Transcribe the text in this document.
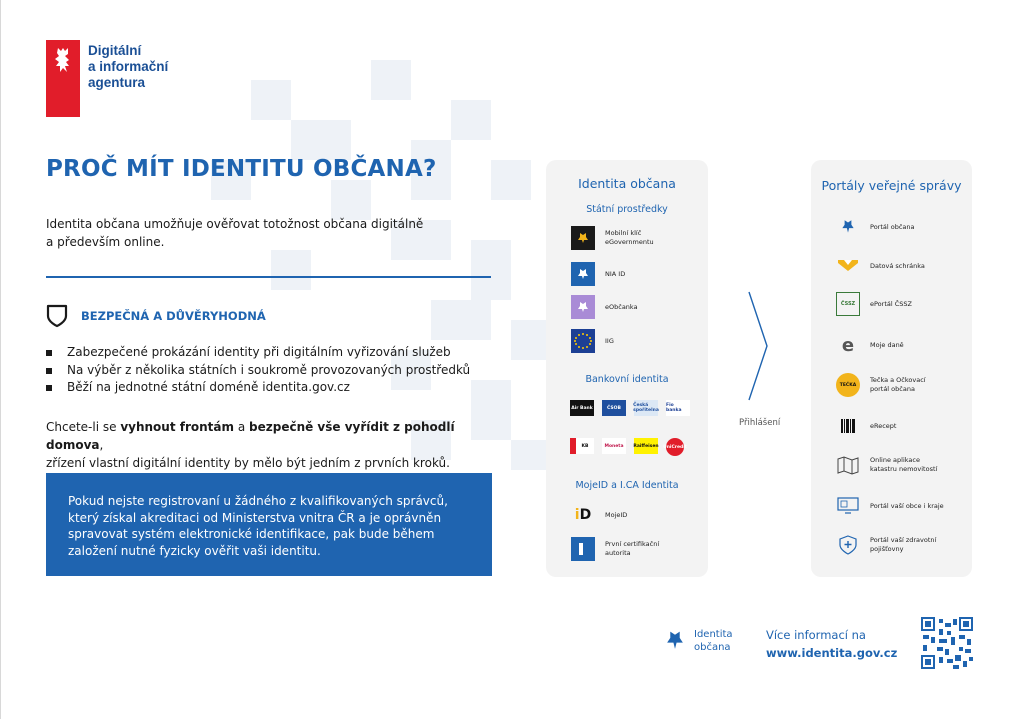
Digitální
a informační
agentura
PROČ MÍT IDENTITU OBČANA?
Identita občana umožňuje ověřovat totožnost občana digitálně
a především online.
BEZPEČNÁ A DŮVĚRYHODNÁ
Zabezpečené prokázání identity při digitálním vyřizování služeb
Na výběr z několika státních i soukromě provozovaných prostředků
Běží na jednotné státní doméně identita.gov.cz
Chcete-li se vyhnout frontám a bezpečně vše vyřídit z pohodlí domova,
zřízení vlastní digitální identity by mělo být jedním z prvních kroků.
Pokud nejste registrovaní u žádného z kvalifikovaných správců,
který získal akreditaci od Ministerstva vnitra ČR a je oprávněn
spravovat systém elektronické identifikace, pak bude během
založení nutné fyzicky ověřit vaši identitu.
Identita občana
Státní prostředky
Mobilní klíč
eGovernmentu
NIA ID
eObčanka
IIG
Bankovní identita
Air Bank	ČSOB	Česká spořitelna
Fio banka
KB	Moneta	Raiffeisen UniCredit
MojeID a I.CA Identita
i D	MojeID
První certifikační
autorita
Přihlášení
Portály veřejné správy
Portál občana
Datová schránka
ČSSZ	ePortál ČSSZ
e	Moje daně
TEČKA
Tečka a Očkovací
portál občana
eRecept
Online aplikace
katastru nemovitostí
Portál vaší obce i kraje
Portál vaší zdravotní
pojišťovny
Identita
občana
Více informací na
www.identita.gov.cz
